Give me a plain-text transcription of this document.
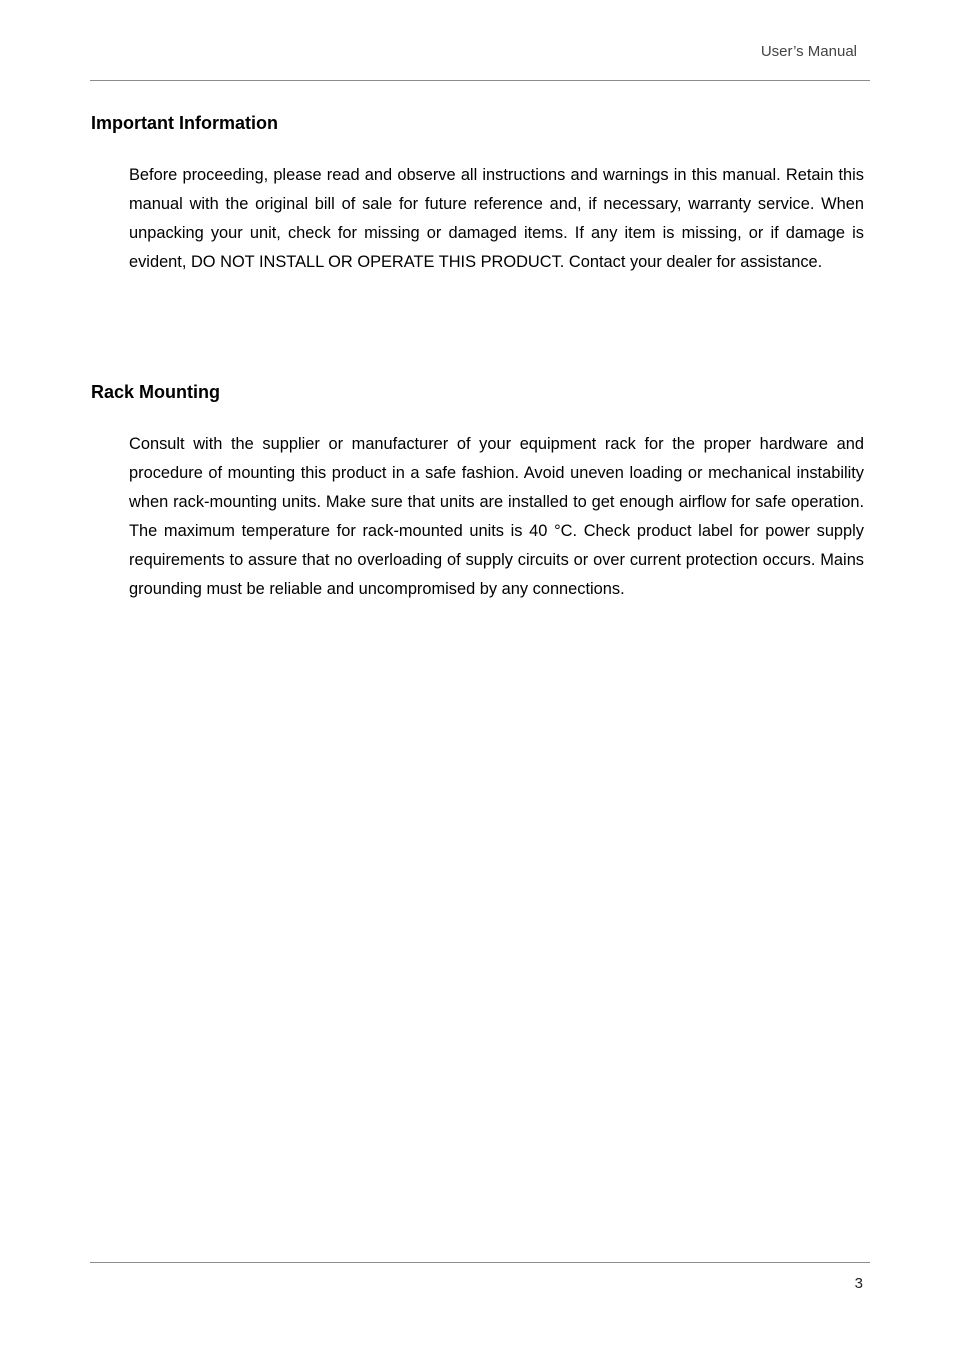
User’s Manual
Important Information

Before proceeding, please read and observe all instructions and warnings in this manual. Retain this manual with the original bill of sale for future reference and, if necessary, warranty service. When unpacking your unit, check for missing or damaged items. If any item is missing, or if damage is evident, DO NOT INSTALL OR OPERATE THIS PRODUCT. Contact your dealer for assistance.

Rack Mounting

Consult with the supplier or manufacturer of your equipment rack for the proper hardware and procedure of mounting this product in a safe fashion. Avoid uneven loading or mechanical instability when rack-mounting units. Make sure that units are installed to get enough airflow for safe operation. The maximum temperature for rack-mounted units is 40 °C. Check product label for power supply requirements to assure that no overloading of supply circuits or over current protection occurs. Mains grounding must be reliable and uncompromised by any connections.

3
